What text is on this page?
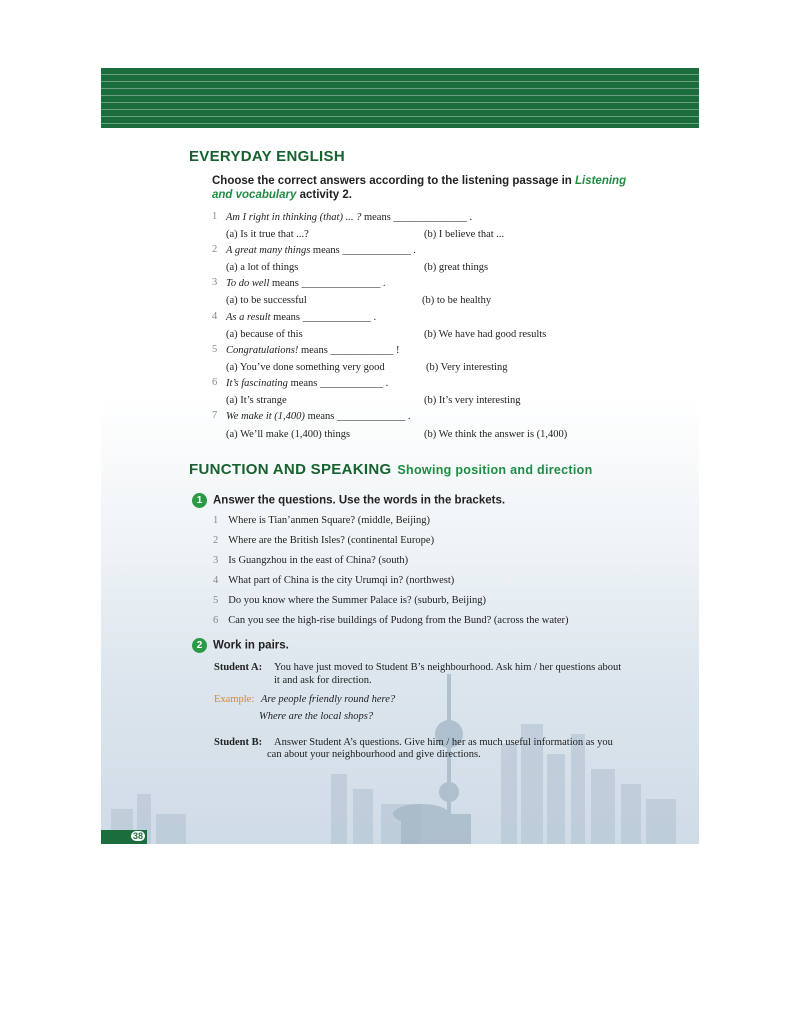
EVERYDAY ENGLISH
Choose the correct answers according to the listening passage in Listening and vocabulary activity 2.
1 Am I right in thinking (that) ... ? means ______________ .
(a) Is it true that ...?	(b) I believe that ...
2 A great many things means _____________ .
(a) a lot of things	(b) great things
3 To do well means _______________ .
(a) to be successful	(b) to be healthy
4 As a result means _____________ .
(a) because of this	(b) We have had good results
5 Congratulations! means ____________ !
(a) You’ve done something very good	(b) Very interesting
6 It’s fascinating means ____________ .
(a) It’s strange	(b) It’s very interesting
7 We make it (1,400) means _____________ .
(a) We’ll make (1,400) things	(b) We think the answer is (1,400)
FUNCTION AND SPEAKING Showing position and direction
1 Answer the questions. Use the words in the brackets.
1 Where is Tian’anmen Square? (middle, Beijing)
2 Where are the British Isles? (continental Europe)
3 Is Guangzhou in the east of China? (south)
4 What part of China is the city Urumqi in? (northwest)
5 Do you know where the Summer Palace is? (suburb, Beijing)
6 Can you see the high-rise buildings of Pudong from the Bund? (across the water)
2 Work in pairs.
Student A: You have just moved to Student B’s neighbourhood. Ask him / her questions about
it and ask for direction.
Example: Are people friendly round here?
Where are the local shops?
Student B: Answer Student A’s questions. Give him / her as much useful information as you
can about your neighbourhood and give directions.
38
